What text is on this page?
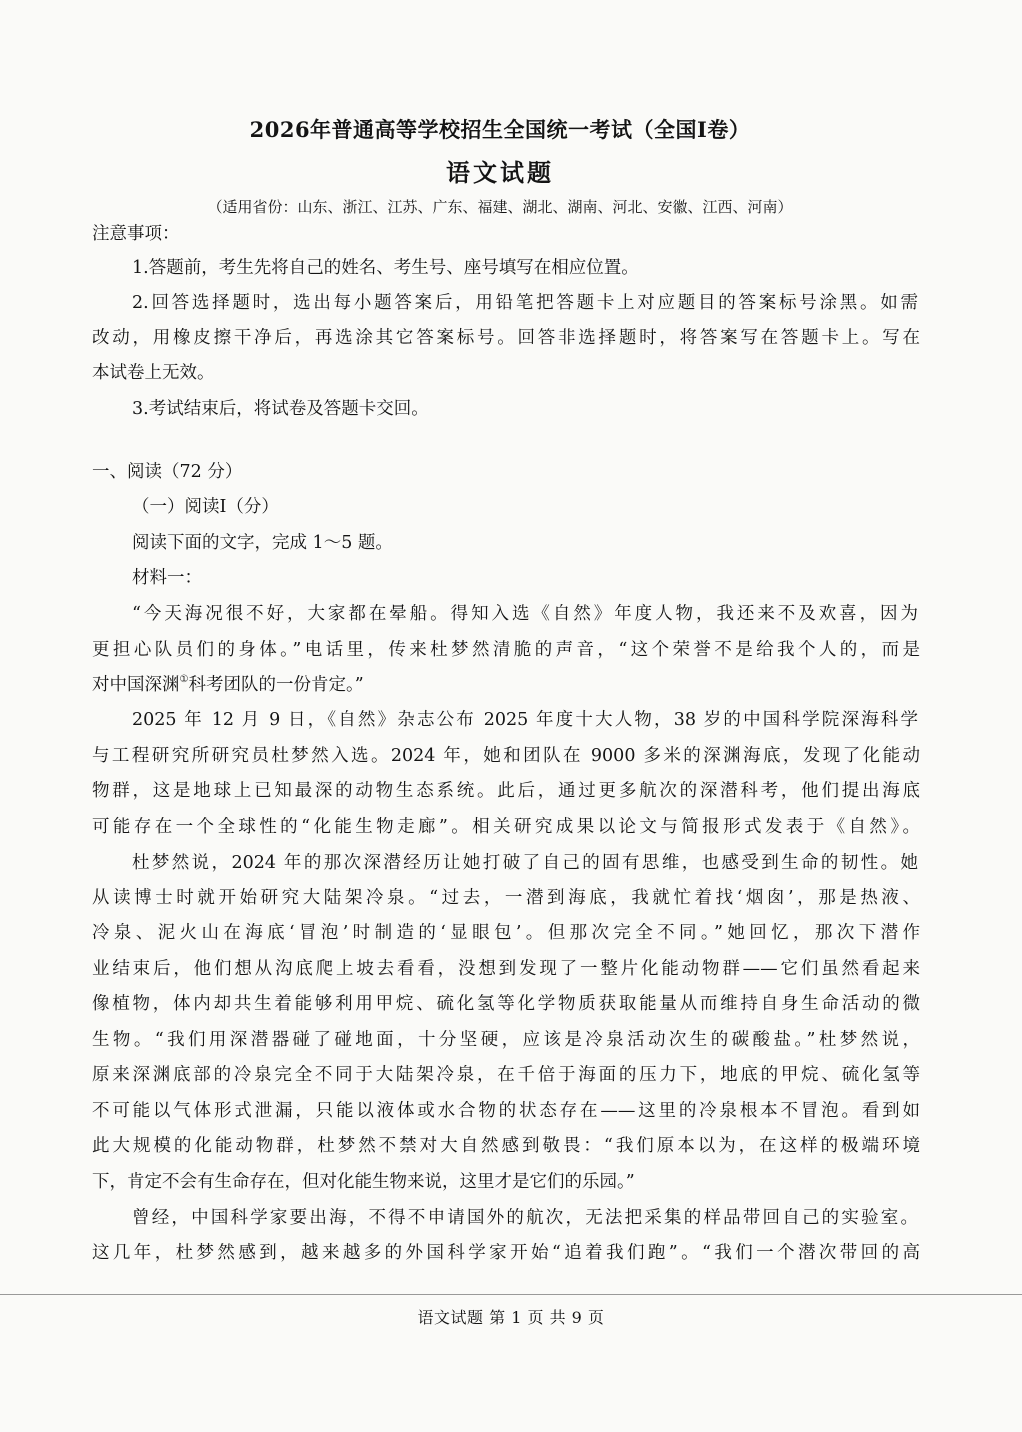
2026年普通高等学校招生全国统一考试（全国Ⅰ卷）
语文试题
（适用省份：山东、浙江、江苏、广东、福建、湖北、湖南、河北、安徽、江西、河南）
注意事项：
1.答题前，考生先将自己的姓名、考生号、座号填写在相应位置。
2.回答选择题时，选出每小题答案后，用铅笔把答题卡上对应题目的答案标号涂黑。如需
改动，用橡皮擦干净后，再选涂其它答案标号。回答非选择题时，将答案写在答题卡上。写在
本试卷上无效。
3.考试结束后，将试卷及答题卡交回。
一、阅读（72 分）
（一）阅读Ⅰ（分）
阅读下面的文字，完成 1～5 题。
材料一：
“今天海况很不好，大家都在晕船。得知入选《自然》年度人物，我还来不及欢喜，因为
更担心队员们的身体。”电话里，传来杜梦然清脆的声音，“这个荣誉不是给我个人的，而是
对中国深渊①科考团队的一份肯定。”
2025 年 12 月 9 日，《自然》杂志公布 2025 年度十大人物，38 岁的中国科学院深海科学
与工程研究所研究员杜梦然入选。2024 年，她和团队在 9000 多米的深渊海底，发现了化能动
物群，这是地球上已知最深的动物生态系统。此后，通过更多航次的深潜科考，他们提出海底
可能存在一个全球性的“化能生物走廊”。相关研究成果以论文与简报形式发表于《自然》。
杜梦然说，2024 年的那次深潜经历让她打破了自己的固有思维，也感受到生命的韧性。她
从读博士时就开始研究大陆架冷泉。“过去，一潜到海底，我就忙着找‘烟囱’，那是热液、
冷泉、泥火山在海底‘冒泡’时制造的‘显眼包’。但那次完全不同。”她回忆，那次下潜作
业结束后，他们想从沟底爬上坡去看看，没想到发现了一整片化能动物群——它们虽然看起来
像植物，体内却共生着能够利用甲烷、硫化氢等化学物质获取能量从而维持自身生命活动的微
生物。“我们用深潜器碰了碰地面，十分坚硬，应该是冷泉活动次生的碳酸盐。”杜梦然说，
原来深渊底部的冷泉完全不同于大陆架冷泉，在千倍于海面的压力下，地底的甲烷、硫化氢等
不可能以气体形式泄漏，只能以液体或水合物的状态存在——这里的冷泉根本不冒泡。看到如
此大规模的化能动物群，杜梦然不禁对大自然感到敬畏：“我们原本以为，在这样的极端环境
下，肯定不会有生命存在，但对化能生物来说，这里才是它们的乐园。”
曾经，中国科学家要出海，不得不申请国外的航次，无法把采集的样品带回自己的实验室。
这几年，杜梦然感到，越来越多的外国科学家开始“追着我们跑”。“我们一个潜次带回的高
语文试题 第 1 页 共 9 页
